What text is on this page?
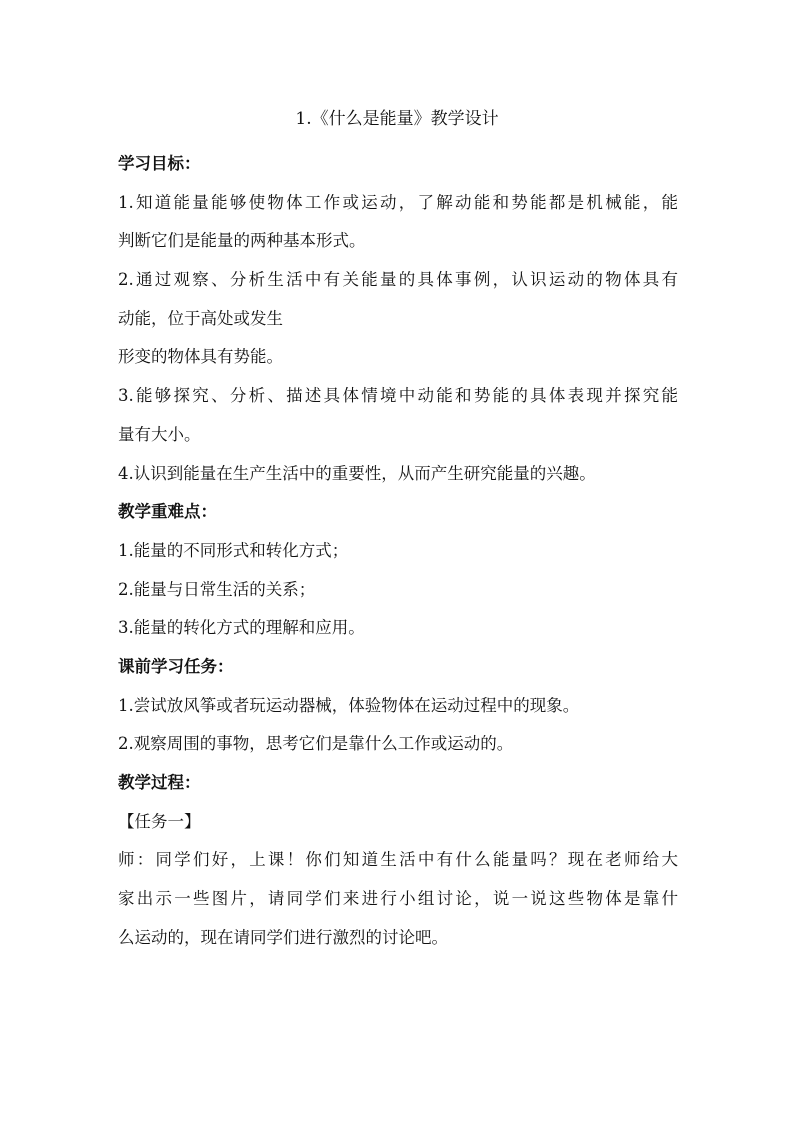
1.《什么是能量》教学设计
学习目标：
1.知道能量能够使物体工作或运动，了解动能和势能都是机械能，能
判断它们是能量的两种基本形式。
2.通过观察、分析生活中有关能量的具体事例，认识运动的物体具有
动能，位于高处或发生
形变的物体具有势能。
3.能够探究、分析、描述具体情境中动能和势能的具体表现并探究能
量有大小。
4.认识到能量在生产生活中的重要性，从而产生研究能量的兴趣。
教学重难点：
1.能量的不同形式和转化方式；
2.能量与日常生活的关系；
3.能量的转化方式的理解和应用。
课前学习任务：
1.尝试放风筝或者玩运动器械，体验物体在运动过程中的现象。
2.观察周围的事物，思考它们是靠什么工作或运动的。
教学过程：
【任务一】
师：同学们好，上课！你们知道生活中有什么能量吗？现在老师给大
家出示一些图片，请同学们来进行小组讨论，说一说这些物体是靠什
么运动的，现在请同学们进行激烈的讨论吧。
